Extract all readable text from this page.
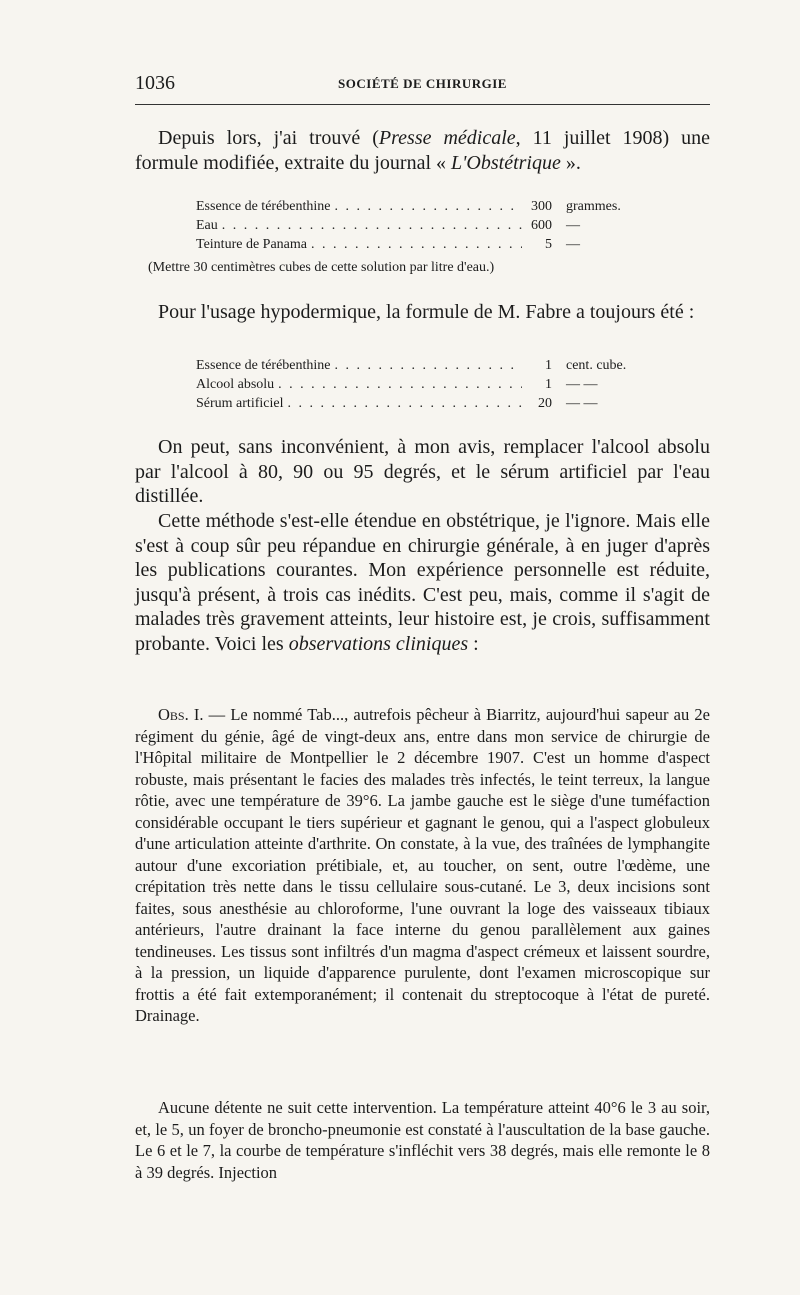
1036	SOCIÉTÉ DE CHIRURGIE

Depuis lors, j'ai trouvé (Presse médicale, 11 juillet 1908) une formule modifiée, extraite du journal « L'Obstétrique ».

Essence de térébenthine . . .	300	grammes.
Eau . . .	600	—
Teinture de Panama . . .	5	—
(Mettre 30 centimètres cubes de cette solution par litre d'eau.)

Pour l'usage hypodermique, la formule de M. Fabre a toujours été :

Essence de térébenthine . . .	1	cent. cube.
Alcool absolu . . .	1	— —
Sérum artificiel . . .	20	— —

On peut, sans inconvénient, à mon avis, remplacer l'alcool absolu par l'alcool à 80, 90 ou 95 degrés, et le sérum artificiel par l'eau distillée.

Cette méthode s'est-elle étendue en obstétrique, je l'ignore. Mais elle s'est à coup sûr peu répandue en chirurgie générale, à en juger d'après les publications courantes. Mon expérience personnelle est réduite, jusqu'à présent, à trois cas inédits. C'est peu, mais, comme il s'agit de malades très gravement atteints, leur histoire est, je crois, suffisamment probante. Voici les observations cliniques :

Obs. I. — Le nommé Tab..., autrefois pêcheur à Biarritz, aujourd'hui sapeur au 2e régiment du génie, âgé de vingt-deux ans, entre dans mon service de chirurgie de l'Hôpital militaire de Montpellier le 2 décembre 1907. C'est un homme d'aspect robuste, mais présentant le facies des malades très infectés, le teint terreux, la langue rôtie, avec une température de 39°6. La jambe gauche est le siège d'une tuméfaction considérable occupant le tiers supérieur et gagnant le genou, qui a l'aspect globuleux d'une articulation atteinte d'arthrite. On constate, à la vue, des traînées de lymphangite autour d'une excoriation prétibiale, et, au toucher, on sent, outre l'œdème, une crépitation très nette dans le tissu cellulaire sous-cutané. Le 3, deux incisions sont faites, sous anesthésie au chloroforme, l'une ouvrant la loge des vaisseaux tibiaux antérieurs, l'autre drainant la face interne du genou parallèlement aux gaines tendineuses. Les tissus sont infiltrés d'un magma d'aspect crémeux et laissent sourdre, à la pression, un liquide d'apparence purulente, dont l'examen microscopique sur frottis a été fait extemporanément; il contenait du streptocoque à l'état de pureté. Drainage.

Aucune détente ne suit cette intervention. La température atteint 40°6 le 3 au soir, et, le 5, un foyer de broncho-pneumonie est constaté à l'auscultation de la base gauche. Le 6 et le 7, la courbe de température s'infléchit vers 38 degrés, mais elle remonte le 8 à 39 degrés. Injection
